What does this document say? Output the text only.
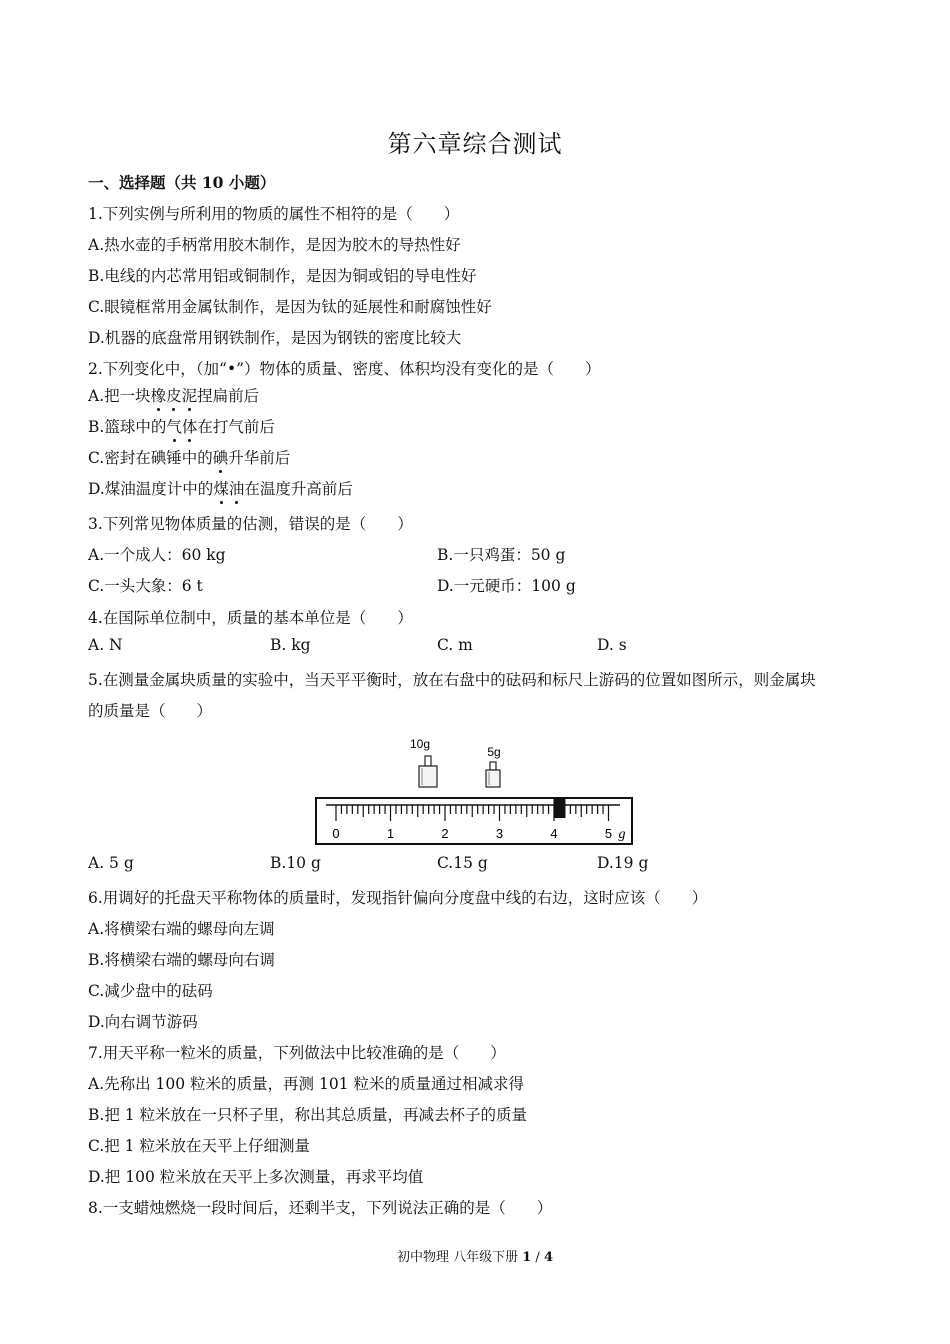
第六章综合测试
一、选择题（共 10 小题）
1.下列实例与所利用的物质的属性不相符的是（　　）
A.热水壶的手柄常用胶木制作，是因为胶木的导热性好
B.电线的内芯常用铝或铜制作，是因为铜或铝的导电性好
C.眼镜框常用金属钛制作，是因为钛的延展性和耐腐蚀性好
D.机器的底盘常用钢铁制作，是因为钢铁的密度比较大
2.下列变化中，（加“•”）物体的质量、密度、体积均没有变化的是（　　）
A.把一块橡皮泥捏扁前后
B.篮球中的气体在打气前后
C.密封在碘锤中的碘升华前后
D.煤油温度计中的煤油在温度升高前后
3.下列常见物体质量的估测，错误的是（　　）
A.一个成人：60 kg	B.一只鸡蛋：50 g
C.一头大象：6 t	D.一元硬币：100 g
4.在国际单位制中，质量的基本单位是（　　）
A. N	B. kg	C. m	D. s
5.在测量金属块质量的实验中，当天平平衡时，放在右盘中的砝码和标尺上游码的位置如图所示，则金属块
的质量是（　　）
10g
5g
0	1	2	3	4	5 g
A. 5 g	B.10 g	C.15 g	D.19 g
6.用调好的托盘天平称物体的质量时，发现指针偏向分度盘中线的右边，这时应该（　　）
A.将横梁右端的螺母向左调
B.将横梁右端的螺母向右调
C.减少盘中的砝码
D.向右调节游码
7.用天平称一粒米的质量，下列做法中比较准确的是（　　）
A.先称出 100 粒米的质量，再测 101 粒米的质量通过相减求得
B.把 1 粒米放在一只杯子里，称出其总质量，再减去杯子的质量
C.把 1 粒米放在天平上仔细测量
D.把 100 粒米放在天平上多次测量，再求平均值
8.一支蜡烛燃烧一段时间后，还剩半支，下列说法正确的是（　　）
初中物理 八年级下册 1 / 4
